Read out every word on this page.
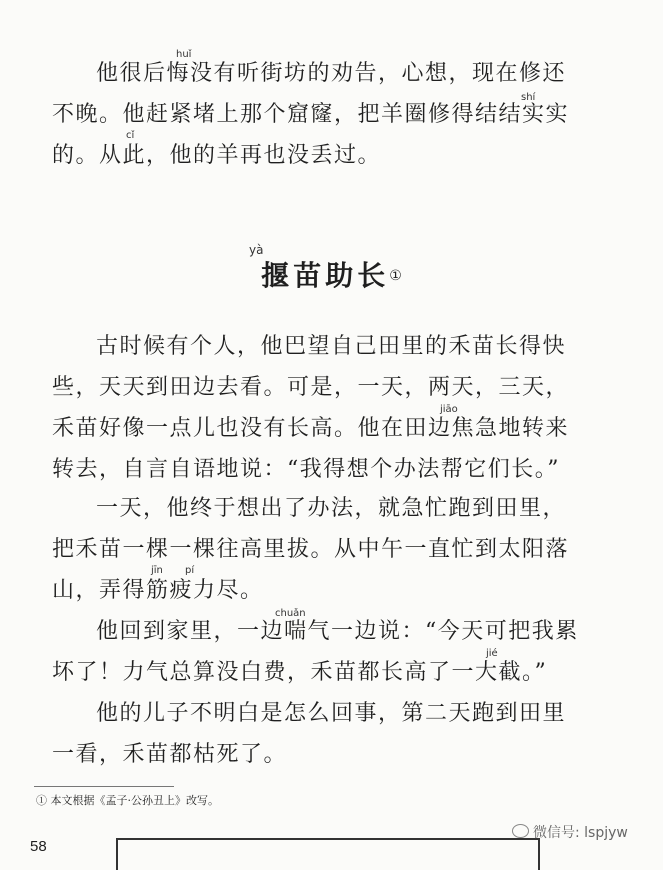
他很后悔没有听街坊的劝告，心想，现在修还
huǐ
不晚。他赶紧堵上那个窟窿，把羊圈修得结结实实
shí
的。从此，他的羊再也没丢过。
cǐ
yà
揠苗助长①
古时候有个人，他巴望自己田里的禾苗长得快
些，天天到田边去看。可是，一天，两天，三天，
禾苗好像一点儿也没有长高。他在田边焦急地转来
jiāo
转去，自言自语地说：“我得想个办法帮它们长。”
一天，他终于想出了办法，就急忙跑到田里，
把禾苗一棵一棵往高里拔。从中午一直忙到太阳落
山，弄得筋疲力尽。
jīn pí
他回到家里，一边喘气一边说：“今天可把我累
chuǎn
坏了！力气总算没白费，禾苗都长高了一大截。”
jié
他的儿子不明白是怎么回事，第二天跑到田里
一看，禾苗都枯死了。
① 本文根据《孟子·公孙丑上》改写。
58
微信号: lspjyw
